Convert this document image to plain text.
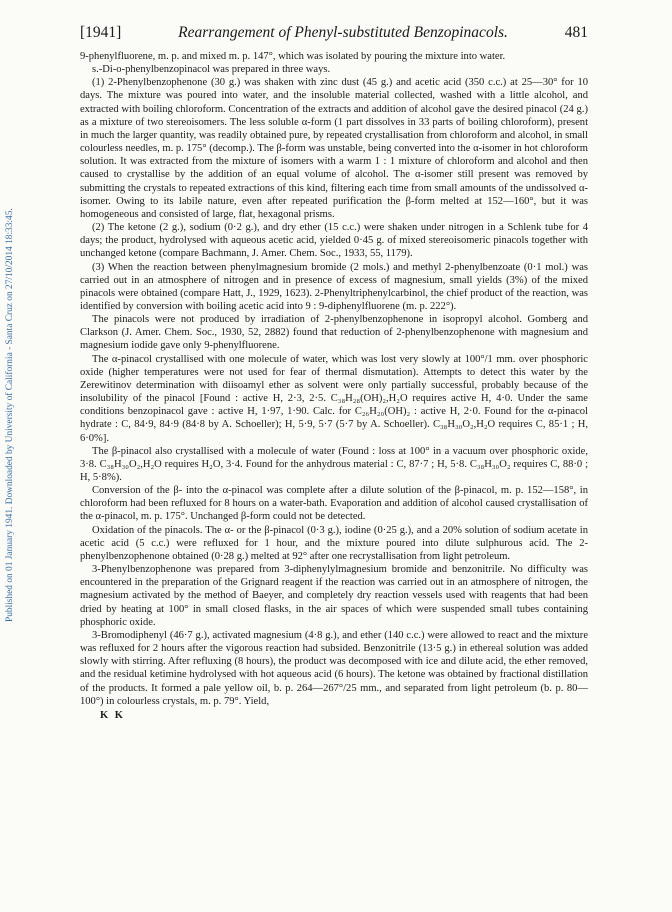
Published on 01 January 1941. Downloaded by University of California - Santa Cruz on 27/10/2014 18:33:45.
[1941]	Rearrangement of Phenyl-substituted Benzopinacols.	481

9-phenylfluorene, m. p. and mixed m. p. 147°, which was isolated by pouring the mixture into water.

s.-Di-o-phenylbenzopinacol was prepared in three ways.

(1) 2-Phenylbenzophenone (30 g.) was shaken with zinc dust (45 g.) and acetic acid (350 c.c.) at 25—30° for 10 days. The mixture was poured into water, and the insoluble material collected, washed with a little alcohol, and extracted with boiling chloroform. Concentration of the extracts and addition of alcohol gave the desired pinacol (24 g.) as a mixture of two stereoisomers. The less soluble α-form (1 part dissolves in 33 parts of boiling chloroform), present in much the larger quantity, was readily obtained pure, by repeated crystallisation from chloroform and alcohol, in small colourless needles, m. p. 175° (decomp.). The β-form was unstable, being converted into the α-isomer in hot chloroform solution. It was extracted from the mixture of isomers with a warm 1 : 1 mixture of chloroform and alcohol and then caused to crystallise by the addition of an equal volume of alcohol. The α-isomer still present was removed by submitting the crystals to repeated extractions of this kind, filtering each time from small amounts of the undissolved α-isomer. Owing to its labile nature, even after repeated purification the β-form melted at 152—160°, but it was homogeneous and consisted of large, flat, hexagonal prisms.

(2) The ketone (2 g.), sodium (0·2 g.), and dry ether (15 c.c.) were shaken under nitrogen in a Schlenk tube for 4 days; the product, hydrolysed with aqueous acetic acid, yielded 0·45 g. of mixed stereoisomeric pinacols together with unchanged ketone (compare Bachmann, J. Amer. Chem. Soc., 1933, 55, 1179).

(3) When the reaction between phenylmagnesium bromide (2 mols.) and methyl 2-phenylbenzoate (0·1 mol.) was carried out in an atmosphere of nitrogen and in presence of excess of magnesium, small yields (3%) of the mixed pinacols were obtained (compare Hatt, J., 1929, 1623). 2-Phenyltriphenylcarbinol, the chief product of the reaction, was identified by conversion with boiling acetic acid into 9 : 9-diphenylfluorene (m. p. 222°).

The pinacols were not produced by irradiation of 2-phenylbenzophenone in isopropyl alcohol. Gomberg and Clarkson (J. Amer. Chem. Soc., 1930, 52, 2882) found that reduction of 2-phenylbenzophenone with magnesium and magnesium iodide gave only 9-phenylfluorene.

The α-pinacol crystallised with one molecule of water, which was lost very slowly at 100°/1 mm. over phosphoric oxide (higher temperatures were not used for fear of thermal dismutation). Attempts to detect this water by the Zerewitinov determination with diisoamyl ether as solvent were only partially successful, probably because of the insolubility of the pinacol [Found : active H, 2·3, 2·5. C₃₈H₂₈(OH)₂,H₂O requires active H, 4·0. Under the same conditions benzopinacol gave : active H, 1·97, 1·90. Calc. for C₂₆H₂₀(OH)₂ : active H, 2·0. Found for the α-pinacol hydrate : C, 84·9, 84·9 (84·8 by A. Schoeller); H, 5·9, 5·7 (5·7 by A. Schoeller). C₃₈H₃₀O₂,H₂O requires C, 85·1 ; H, 6·0%].

The β-pinacol also crystallised with a molecule of water (Found : loss at 100° in a vacuum over phosphoric oxide, 3·8. C₃₈H₃₀O₂,H₂O requires H₂O, 3·4. Found for the anhydrous material : C, 87·7 ; H, 5·8. C₃₈H₃₀O₂ requires C, 88·0 ; H, 5·8%).

Conversion of the β- into the α-pinacol was complete after a dilute solution of the β-pinacol, m. p. 152—158°, in chloroform had been refluxed for 8 hours on a water-bath. Evaporation and addition of alcohol caused crystallisation of the α-pinacol, m. p. 175°. Unchanged β-form could not be detected.

Oxidation of the pinacols. The α- or the β-pinacol (0·3 g.), iodine (0·25 g.), and a 20% solution of sodium acetate in acetic acid (5 c.c.) were refluxed for 1 hour, and the mixture poured into dilute sulphurous acid. The 2-phenylbenzophenone obtained (0·28 g.) melted at 92° after one recrystallisation from light petroleum.

3-Phenylbenzophenone was prepared from 3-diphenylylmagnesium bromide and benzonitrile. No difficulty was encountered in the preparation of the Grignard reagent if the reaction was carried out in an atmosphere of nitrogen, the magnesium activated by the method of Baeyer, and completely dry reaction vessels used with reagents that had been dried by heating at 100° in small closed flasks, in the air spaces of which were suspended small tubes containing phosphoric oxide.

3-Bromodiphenyl (46·7 g.), activated magnesium (4·8 g.), and ether (140 c.c.) were allowed to react and the mixture was refluxed for 2 hours after the vigorous reaction had subsided. Benzonitrile (13·5 g.) in ethereal solution was added slowly with stirring. After refluxing (8 hours), the product was decomposed with ice and dilute acid, the ether removed, and the residual ketimine hydrolysed with hot aqueous acid (6 hours). The ketone was obtained by fractional distillation of the products. It formed a pale yellow oil, b. p. 264—267°/25 mm., and separated from light petroleum (b. p. 80—100°) in colourless crystals, m. p. 79°. Yield,

K K
